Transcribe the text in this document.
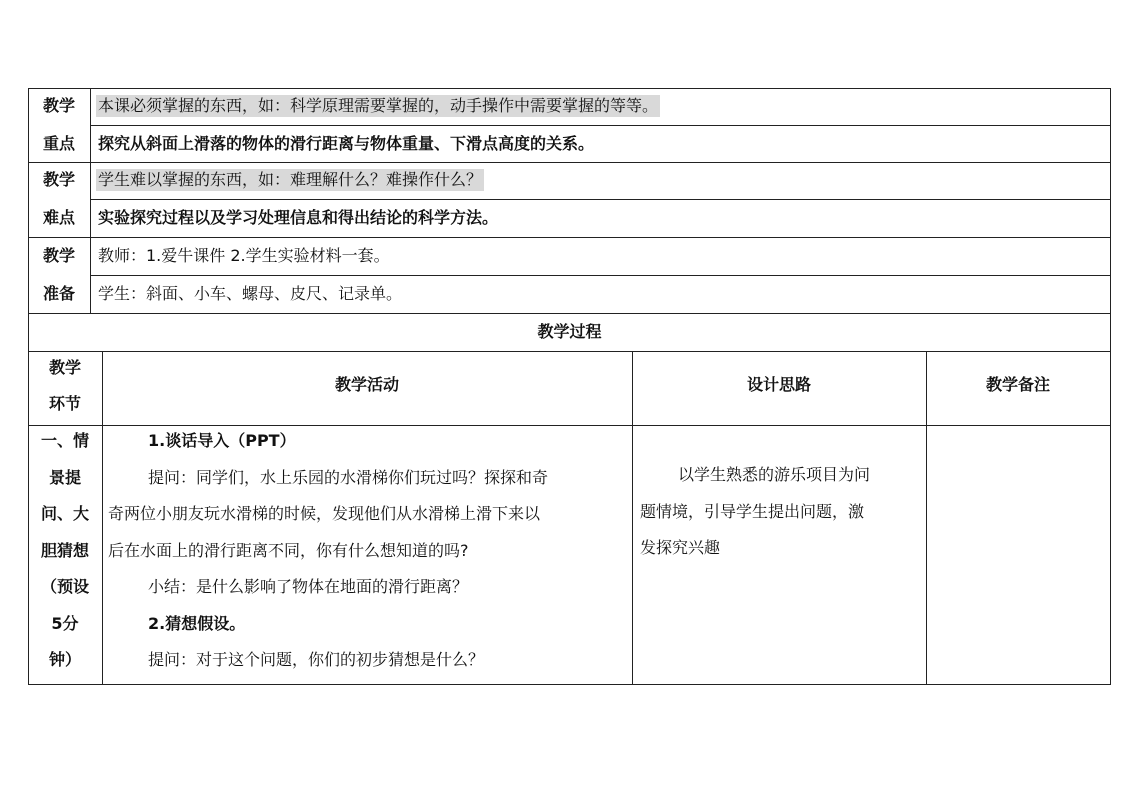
教学
重点
本课必须掌握的东西，如：科学原理需要掌握的，动手操作中需要掌握的等等。
探究从斜面上滑落的物体的滑行距离与物体重量、下滑点高度的关系。
教学
难点
学生难以掌握的东西，如：难理解什么？难操作什么？
实验探究过程以及学习处理信息和得出结论的科学方法。
教学
准备
教师：1.爱牛课件 2.学生实验材料一套。
学生：斜面、小车、螺母、皮尺、记录单。
教学过程
教学
环节
教学活动	设计思路	教学备注
一、情
景提
问、大
胆猜想
（预设
5分
钟）
1.谈话导入（PPT）
提问：同学们，水上乐园的水滑梯你们玩过吗？探探和奇
奇两位小朋友玩水滑梯的时候，发现他们从水滑梯上滑下来以
后在水面上的滑行距离不同，你有什么想知道的吗?
小结：是什么影响了物体在地面的滑行距离？
2.猜想假设。
提问：对于这个问题，你们的初步猜想是什么？
以学生熟悉的游乐项目为问
题情境，引导学生提出问题，激
发探究兴趣
